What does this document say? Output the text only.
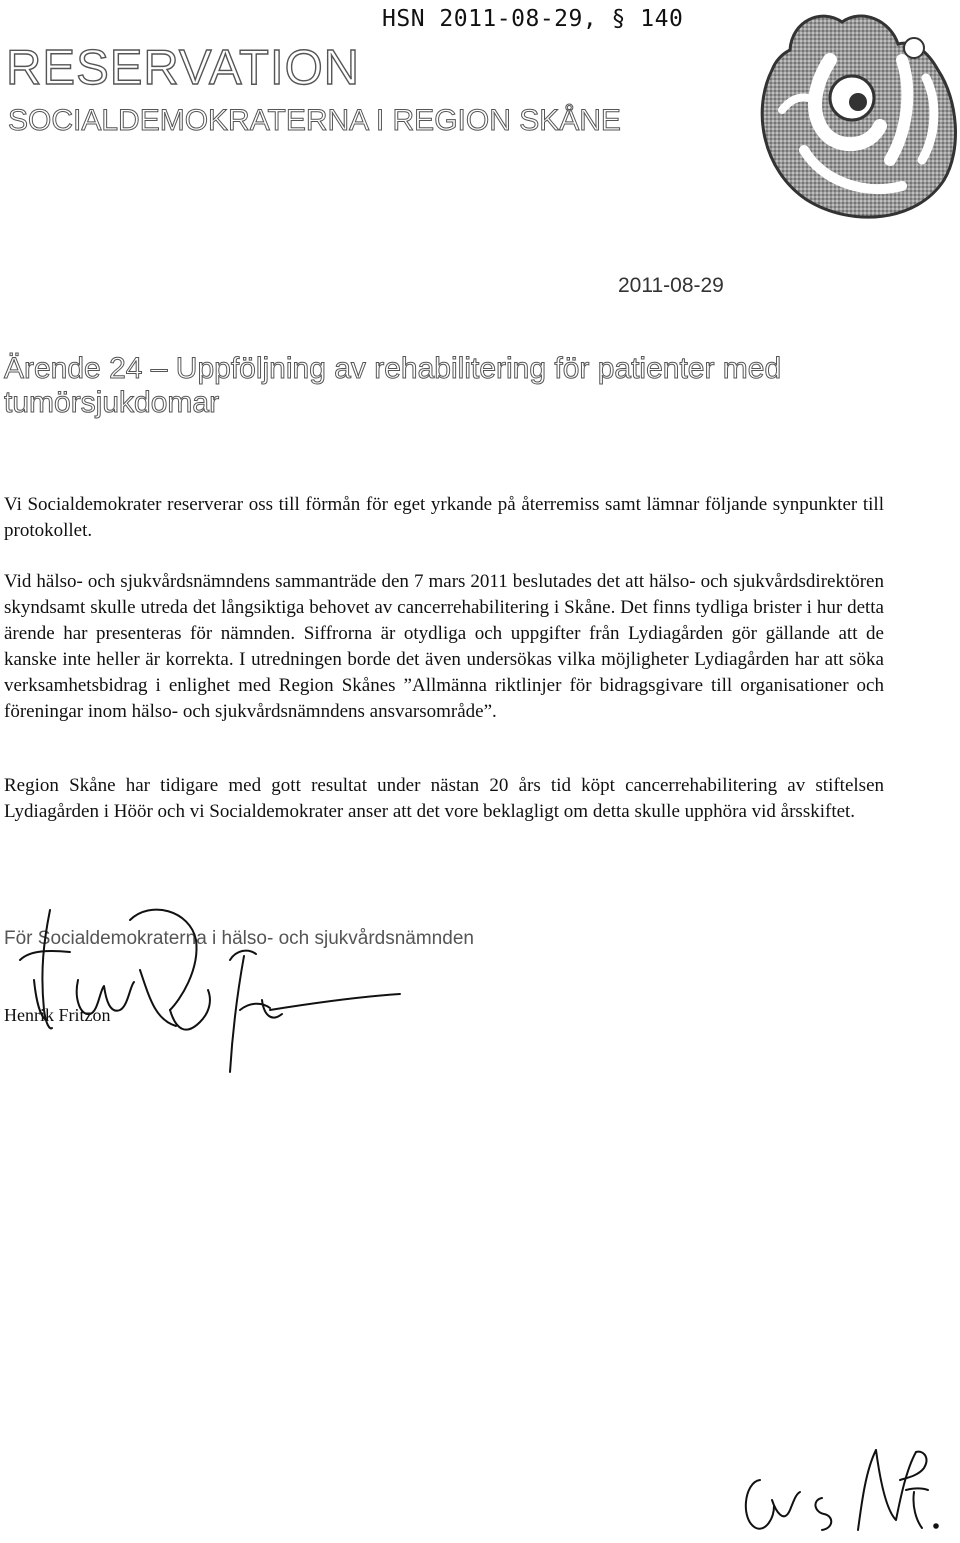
HSN 2011-08-29, § 140
RESERVATION
SOCIALDEMOKRATERNA I REGION SKÅNE
2011-08-29
Ärende 24 – Uppföljning av rehabilitering för patienter med tumörsjukdomar

Vi Socialdemokrater reserverar oss till förmån för eget yrkande på återremiss samt lämnar följande synpunkter till protokollet.

Vid hälso- och sjukvårdsnämndens sammanträde den 7 mars 2011 beslutades det att hälso- och sjukvårdsdirektören skyndsamt skulle utreda det långsiktiga behovet av cancerrehabilitering i Skåne. Det finns tydliga brister i hur detta ärende har presenteras för nämnden. Siffrorna är otydliga och uppgifter från Lydiagården gör gällande att de kanske inte heller är korrekta. I utredningen borde det även undersökas vilka möjligheter Lydiagården har att söka verksamhetsbidrag i enlighet med Region Skånes ”Allmänna riktlinjer för bidragsgivare till organisationer och föreningar inom hälso- och sjukvårdsnämndens ansvarsområde”.

Region Skåne har tidigare med gott resultat under nästan 20 års tid köpt cancerrehabilitering av stiftelsen Lydiagården i Höör och vi Socialdemokrater anser att det vore beklagligt om detta skulle upphöra vid årsskiftet.

För Socialdemokraterna i hälso- och sjukvårdsnämnden
Henrik Fritzon
